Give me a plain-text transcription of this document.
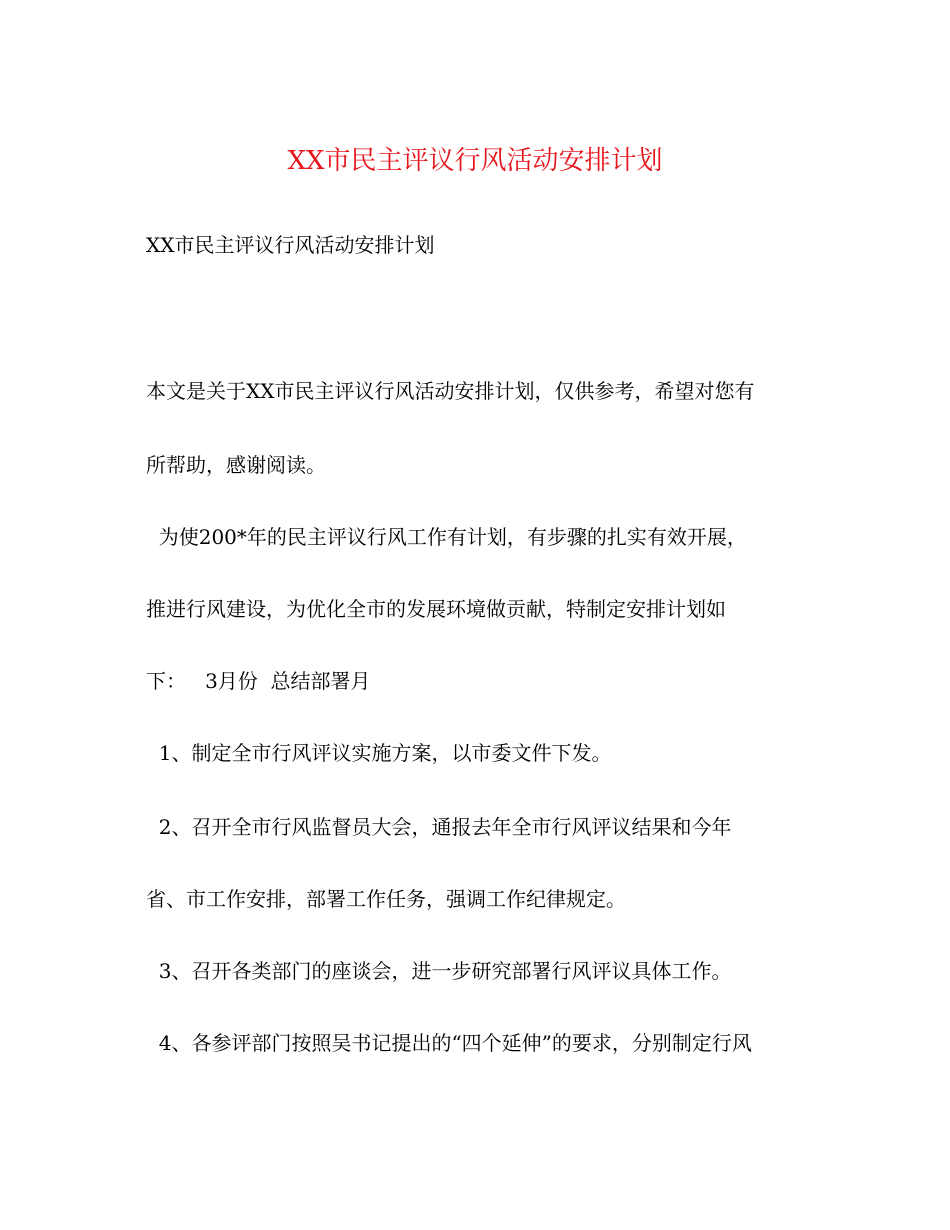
XX市民主评议行风活动安排计划
XX市民主评议行风活动安排计划
本文是关于XX市民主评议行风活动安排计划，仅供参考，希望对您有
所帮助，感谢阅读。
为使200*年的民主评议行风工作有计划，有步骤的扎实有效开展，
推进行风建设，为优化全市的发展环境做贡献，特制定安排计划如
下：   3月份  总结部署月
1、制定全市行风评议实施方案，以市委文件下发。
2、召开全市行风监督员大会，通报去年全市行风评议结果和今年
省、市工作安排，部署工作任务，强调工作纪律规定。
3、召开各类部门的座谈会，进一步研究部署行风评议具体工作。
4、各参评部门按照吴书记提出的“四个延伸”的要求，分别制定行风
